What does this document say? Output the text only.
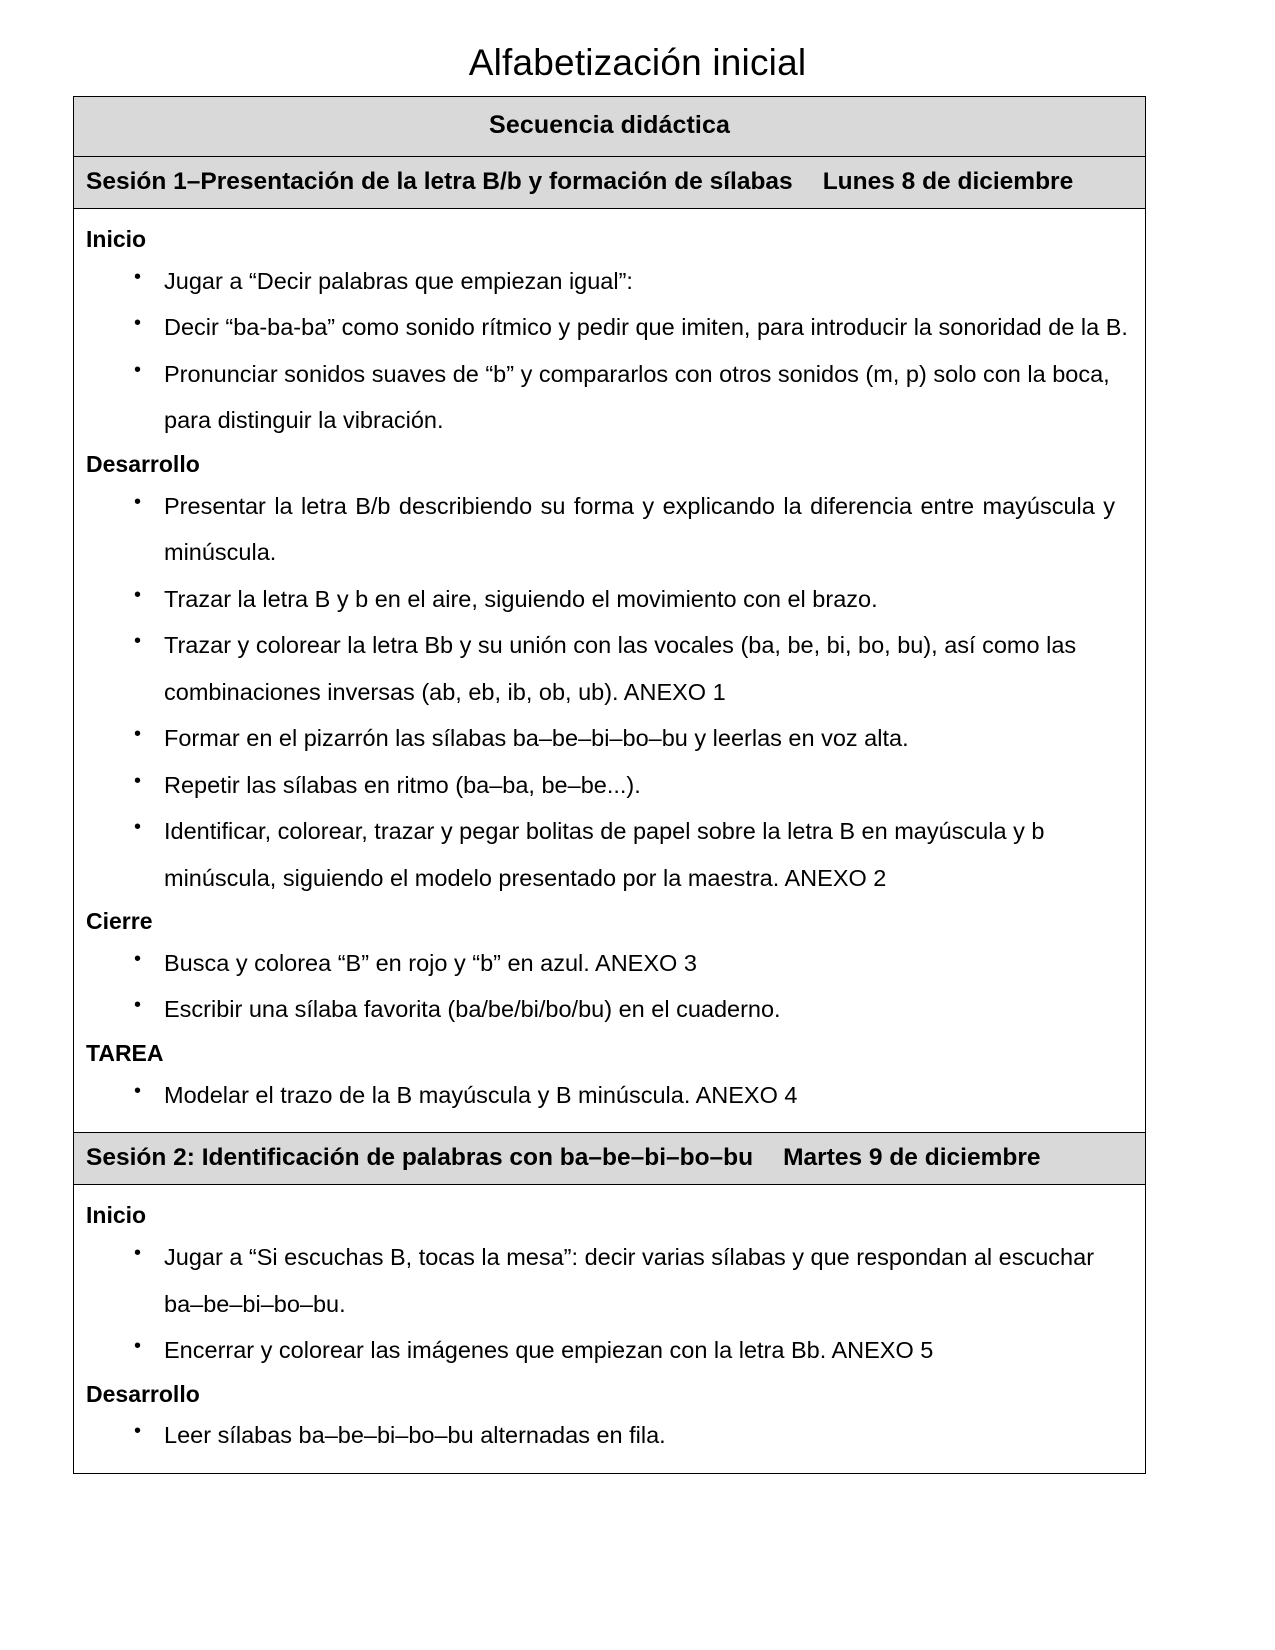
Alfabetización inicial
Secuencia didáctica
Sesión 1–Presentación de la letra B/b y formación de sílabas Lunes 8 de diciembre
Inicio
• Jugar a “Decir palabras que empiezan igual”:
• Decir “ba-ba-ba” como sonido rítmico y pedir que imiten, para introducir la sonoridad de la B.
• Pronunciar sonidos suaves de “b” y compararlos con otros sonidos (m, p) solo con la boca, para distinguir la vibración.
Desarrollo
• Presentar la letra B/b describiendo su forma y explicando la diferencia entre mayúscula y minúscula.
• Trazar la letra B y b en el aire, siguiendo el movimiento con el brazo.
• Trazar y colorear la letra Bb y su unión con las vocales (ba, be, bi, bo, bu), así como las combinaciones inversas (ab, eb, ib, ob, ub). ANEXO 1
• Formar en el pizarrón las sílabas ba–be–bi–bo–bu y leerlas en voz alta.
• Repetir las sílabas en ritmo (ba–ba, be–be...).
• Identificar, colorear, trazar y pegar bolitas de papel sobre la letra B en mayúscula y b minúscula, siguiendo el modelo presentado por la maestra. ANEXO 2
Cierre
• Busca y colorea “B” en rojo y “b” en azul. ANEXO 3
• Escribir una sílaba favorita (ba/be/bi/bo/bu) en el cuaderno.
TAREA
• Modelar el trazo de la B mayúscula y B minúscula. ANEXO 4
Sesión 2: Identificación de palabras con ba–be–bi–bo–bu Martes 9 de diciembre
Inicio
• Jugar a “Si escuchas B, tocas la mesa”: decir varias sílabas y que respondan al escuchar ba–be–bi–bo–bu.
• Encerrar y colorear las imágenes que empiezan con la letra Bb. ANEXO 5
Desarrollo
• Leer sílabas ba–be–bi–bo–bu alternadas en fila.
